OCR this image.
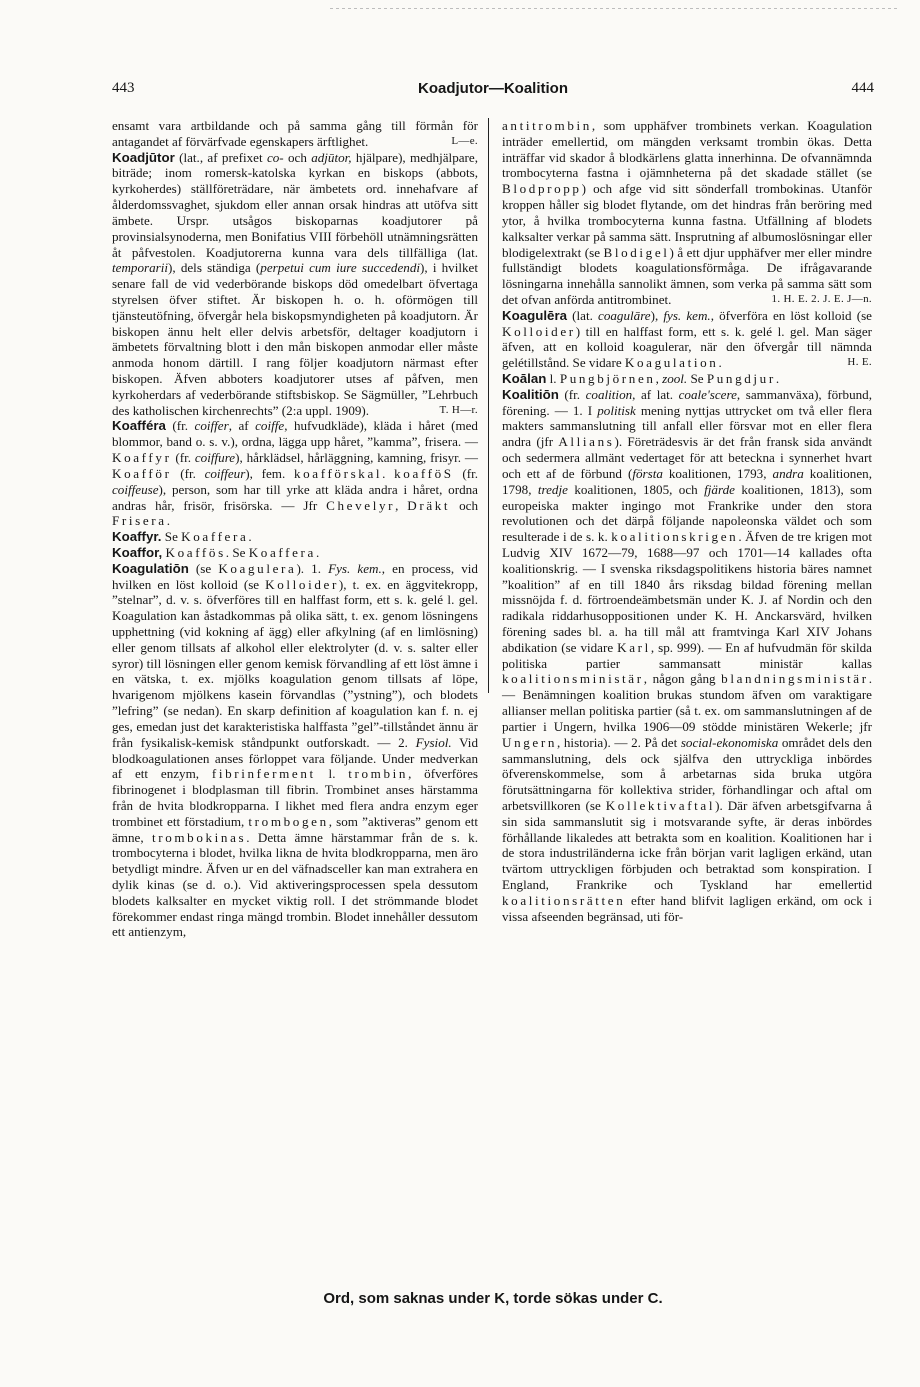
443	Koadjutor—Koalition	444

ensamt vara artbildande och på samma gång till förmån för antagandet af förvärfvade egenskapers ärftlighet.	L—e.

Koadjūtor (lat., af prefixet co- och adjūtor, hjälpare), medhjälpare, biträde; inom romersk-katolska kyrkan en biskops (abbots, kyrkoherdes) ställföreträdare, när ämbetets ord. innehafvare af ålderdomssvaghet, sjukdom eller annan orsak hindras att utöfva sitt ämbete. Urspr. utsågos biskoparnas koadjutorer på provinsialsynoderna, men Bonifatius VIII förbehöll utnämningsrätten åt påfvestolen. Koadjutorerna kunna vara dels tillfälliga (lat. temporarii), dels ständiga (perpetui cum iure succedendi), i hvilket senare fall de vid vederbörande biskops död omedelbart öfvertaga styrelsen öfver stiftet. Är biskopen h. o. h. oförmögen till tjänsteutöfning, öfvergår hela biskopsmyndigheten på koadjutorn. Är biskopen ännu helt eller delvis arbetsför, deltager koadjutorn i ämbetets förvaltning blott i den mån biskopen anmodar eller måste anmoda honom därtill. I rang följer koadjutorn närmast efter biskopen. Äfven abboters koadjutorer utses af påfven, men kyrkoherdars af vederbörande stiftsbiskop. Se Sägmüller, ”Lehrbuch des katholischen kirchenrechts” (2:a uppl. 1909).	T. H—r.

Koafféra (fr. coiffer, af coiffe, hufvudkläde), kläda i håret (med blommor, band o. s. v.), ordna, lägga upp håret, ”kamma”, frisera. — Koaffyr (fr. coiffure), hårklädsel, hårläggning, kamning, frisyr. — Koafför (fr. coiffeur), fem. koafförskal. koafföS (fr. coiffeuse), person, som har till yrke att kläda andra i håret, ordna andras hår, frisör, frisörska. — Jfr Chevelyr, Dräkt och Frisera.

Koaffyr. Se Koaffera.

Koaffor, Koaffös. Se Koaffera.

Koagulatiōn (se Koagulera). 1. Fys. kem., en process, vid hvilken en löst kolloid (se Kolloider), t. ex. en äggvitekropp, ”stelnar”, d. v. s. öfverföres till en halffast form, ett s. k. gelé l. gel. Koagulation kan åstadkommas på olika sätt, t. ex. genom lösningens upphettning (vid kokning af ägg) eller afkylning (af en limlösning) eller genom tillsats af alkohol eller elektrolyter (d. v. s. salter eller syror) till lösningen eller genom kemisk förvandling af ett löst ämne i en vätska, t. ex. mjölks koagulation genom tillsats af löpe, hvarigenom mjölkens kasein förvandlas (”ystning”), och blodets ”lefring” (se nedan). En skarp definition af koagulation kan f. n. ej ges, emedan just det karakteristiska halffasta ”gel”-tillståndet ännu är från fysikalisk-kemisk ståndpunkt outforskadt. — 2. Fysiol. Vid blodkoagulationen anses förloppet vara följande. Under medverkan af ett enzym, fibrinferment l. trombin, öfverföres fibrinogenet i blodplasman till fibrin. Trombinet anses härstamma från de hvita blodkropparna. I likhet med flera andra enzym eger trombinet ett förstadium, trombogen, som ”aktiveras” genom ett ämne, trombokinas. Detta ämne härstammar från de s. k. trombocyterna i blodet, hvilka likna de hvita blodkropparna, men äro betydligt mindre. Äfven ur en del väfnadsceller kan man extrahera en dylik kinas (se d. o.). Vid aktiveringsprocessen spela dessutom blodets kalksalter en mycket viktig roll. I det strömmande blodet förekommer endast ringa mängd trombin. Blodet innehåller dessutom ett antienzym,

antitrombin, som upphäfver trombinets verkan. Koagulation inträder emellertid, om mängden verksamt trombin ökas. Detta inträffar vid skador å blodkärlens glatta innerhinna. De ofvannämnda trombocyterna fastna i ojämnheterna på det skadade stället (se Blodpropp) och afge vid sitt sönderfall trombokinas. Utanför kroppen håller sig blodet flytande, om det hindras från beröring med ytor, å hvilka trombocyterna kunna fastna. Utfällning af blodets kalksalter verkar på samma sätt. Insprutning af albumoslösningar eller blodigelextrakt (se Blodigel) å ett djur upphäfver mer eller mindre fullständigt blodets koagulationsförmåga. De ifrågavarande lösningarna innehålla sannolikt ämnen, som verka på samma sätt som det ofvan anförda antitrombinet.	1. H. E. 2. J. E. J—n.

Koagulēra (lat. coagulāre), fys. kem., öfverföra en löst kolloid (se Kolloider) till en halffast form, ett s. k. gelé l. gel. Man säger äfven, att en kolloid koagulerar, när den öfvergår till nämnda gelétillstånd. Se vidare Koagulation.	H. E.

Koālan l. Pungbjörnen, zool. Se Pungdjur.

Koalitiōn (fr. coalition, af lat. coale'scere, sammanväxa), förbund, förening. — 1. I politisk mening nyttjas uttrycket om två eller flera makters sammanslutning till anfall eller försvar mot en eller flera andra (jfr Allians). Företrädesvis är det från fransk sida användt och sedermera allmänt vedertaget för att beteckna i synnerhet hvart och ett af de förbund (första koalitionen, 1793, andra koalitionen, 1798, tredje koalitionen, 1805, och fjärde koalitionen, 1813), som europeiska makter ingingo mot Frankrike under den stora revolutionen och det därpå följande napoleonska väldet och som resulterade i de s. k. koalitionskrigen. Äfven de tre krigen mot Ludvig XIV 1672—79, 1688—97 och 1701—14 kallades ofta koalitionskrig. — I svenska riksdagspolitikens historia bäres namnet ”koalition” af en till 1840 års riksdag bildad förening mellan missnöjda f. d. förtroendeämbetsmän under K. J. af Nordin och den radikala riddarhusoppositionen under K. H. Anckarsvärd, hvilken förening sades bl. a. ha till mål att framtvinga Karl XIV Johans abdikation (se vidare Karl, sp. 999). — En af hufvudmän för skilda politiska partier sammansatt ministär kallas koalitionsministär, någon gång blandningsministär. — Benämningen koalition brukas stundom äfven om varaktigare allianser mellan politiska partier (så t. ex. om sammanslutningen af de partier i Ungern, hvilka 1906—09 stödde ministären Wekerle; jfr Ungern, historia). — 2. På det social-ekonomiska området dels den sammanslutning, dels ock själfva den uttryckliga inbördes öfverenskommelse, som å arbetarnas sida bruka utgöra förutsättningarna för kollektiva strider, förhandlingar och aftal om arbetsvillkoren (se Kollektivaftal). Där äfven arbetsgifvarna å sin sida sammanslutit sig i motsvarande syfte, är deras inbördes förhållande likaledes att betrakta som en koalition. Koalitionen har i de stora industriländerna icke från början varit lagligen erkänd, utan tvärtom uttryckligen förbjuden och betraktad som konspiration. I England, Frankrike och Tyskland har emellertid koalitionsrätten efter hand blifvit lagligen erkänd, om ock i vissa afseenden begränsad, uti för-

Ord, som saknas under K, torde sökas under C.
